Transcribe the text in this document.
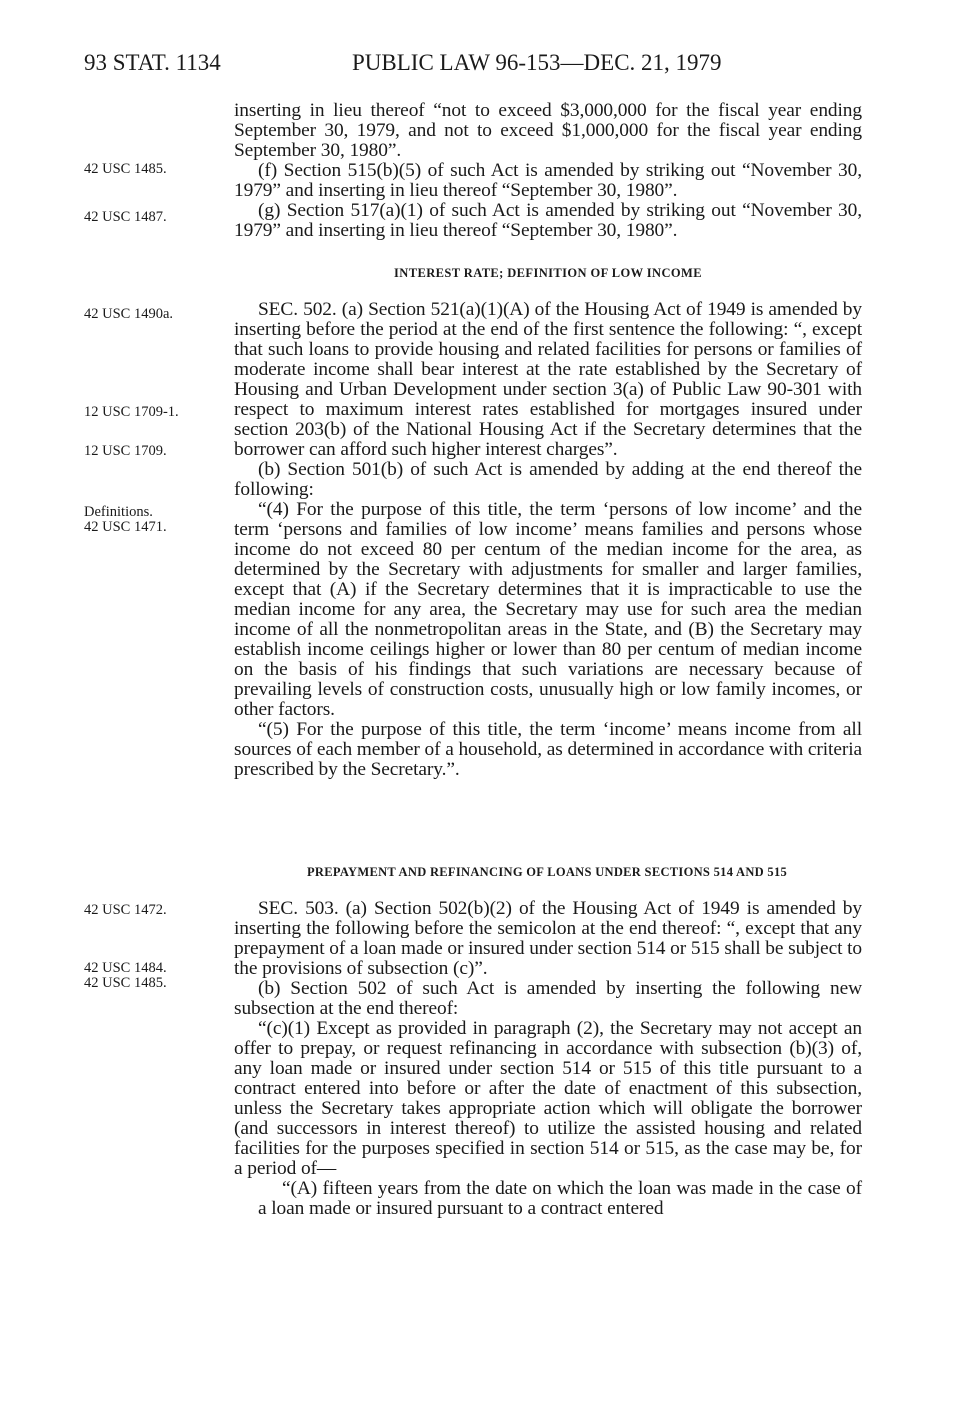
93 STAT. 1134	PUBLIC LAW 96-153—DEC. 21, 1979
42 USC 1485.
42 USC 1487.
42 USC 1490a.
12 USC 1709-1.
12 USC 1709.
Definitions.
42 USC 1471.
42 USC 1472.
42 USC 1484.
42 USC 1485.

inserting in lieu thereof “not to exceed $3,000,000 for the fiscal year ending September 30, 1979, and not to exceed $1,000,000 for the fiscal year ending September 30, 1980”.

(f) Section 515(b)(5) of such Act is amended by striking out “November 30, 1979” and inserting in lieu thereof “September 30, 1980”.

(g) Section 517(a)(1) of such Act is amended by striking out “November 30, 1979” and inserting in lieu thereof “September 30, 1980”.

INTEREST RATE; DEFINITION OF LOW INCOME

SEC. 502. (a) Section 521(a)(1)(A) of the Housing Act of 1949 is amended by inserting before the period at the end of the first sentence the following: “, except that such loans to provide housing and related facilities for persons or families of moderate income shall bear interest at the rate established by the Secretary of Housing and Urban Development under section 3(a) of Public Law 90-301 with respect to maximum interest rates established for mortgages insured under section 203(b) of the National Housing Act if the Secretary determines that the borrower can afford such higher interest charges”.

(b) Section 501(b) of such Act is amended by adding at the end thereof the following:

“(4) For the purpose of this title, the term ‘persons of low income’ and the term ‘persons and families of low income’ means families and persons whose income do not exceed 80 per centum of the median income for the area, as determined by the Secretary with adjustments for smaller and larger families, except that (A) if the Secretary determines that it is impracticable to use the median income for any area, the Secretary may use for such area the median income of all the nonmetropolitan areas in the State, and (B) the Secretary may establish income ceilings higher or lower than 80 per centum of median income on the basis of his findings that such variations are necessary because of prevailing levels of construction costs, unusually high or low family incomes, or other factors.

“(5) For the purpose of this title, the term ‘income’ means income from all sources of each member of a household, as determined in accordance with criteria prescribed by the Secretary.”.

PREPAYMENT AND REFINANCING OF LOANS UNDER SECTIONS 514 AND 515

SEC. 503. (a) Section 502(b)(2) of the Housing Act of 1949 is amended by inserting the following before the semicolon at the end thereof: “, except that any prepayment of a loan made or insured under section 514 or 515 shall be subject to the provisions of subsection (c)”.

(b) Section 502 of such Act is amended by inserting the following new subsection at the end thereof:

“(c)(1) Except as provided in paragraph (2), the Secretary may not accept an offer to prepay, or request refinancing in accordance with subsection (b)(3) of, any loan made or insured under section 514 or 515 of this title pursuant to a contract entered into before or after the date of enactment of this subsection, unless the Secretary takes appropriate action which will obligate the borrower (and successors in interest thereof) to utilize the assisted housing and related facilities for the purposes specified in section 514 or 515, as the case may be, for a period of—

“(A) fifteen years from the date on which the loan was made in the case of a loan made or insured pursuant to a contract entered
